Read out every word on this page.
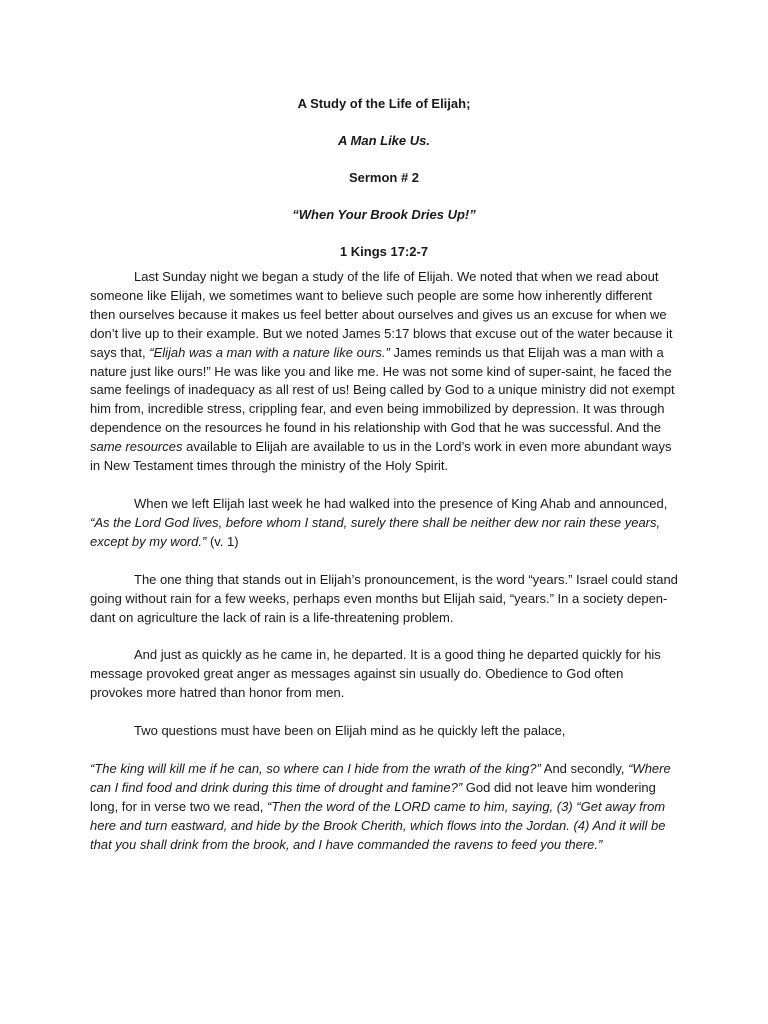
A Study of the Life of Elijah;
A Man Like Us.
Sermon # 2
“When Your Brook Dries Up!”
1 Kings 17:2-7

Last Sunday night we began a study of the life of Elijah. We noted that when we read about someone like Elijah, we sometimes want to believe such people are some how inherently different then ourselves because it makes us feel better about ourselves and gives us an excuse for when we don’t live up to their example. But we noted James 5:17 blows that excuse out of the water because it says that, “Elijah was a man with a nature like ours.” James reminds us that Elijah was a man with a nature just like ours!” He was like you and like me. He was not some kind of super-saint, he faced the same feelings of inadequacy as all rest of us! Being called by God to a unique ministry did not exempt him from, incredible stress, crippling fear, and even being immobilized by depression. It was through dependence on the resources he found in his relationship with God that he was successful. And the same resources available to Elijah are available to us in the Lord’s work in even more abundant ways in New Testament times through the ministry of the Holy Spirit.

When we left Elijah last week he had walked into the presence of King Ahab and announced, “As the Lord God lives, before whom I stand, surely there shall be neither dew nor rain these years, except by my word.” (v. 1)

The one thing that stands out in Elijah’s pronouncement, is the word “years.” Israel could stand going without rain for a few weeks, perhaps even months but Elijah said, “years.” In a society depen-dant on agriculture the lack of rain is a life-threatening problem.

And just as quickly as he came in, he departed. It is a good thing he departed quickly for his message provoked great anger as messages against sin usually do. Obedience to God often provokes more hatred than honor from men.

Two questions must have been on Elijah mind as he quickly left the palace,

“The king will kill me if he can, so where can I hide from the wrath of the king?” And secondly, “Where can I find food and drink during this time of drought and famine?” God did not leave him wondering long, for in verse two we read, “Then the word of the LORD came to him, saying, (3) “Get away from here and turn eastward, and hide by the Brook Cherith, which flows into the Jordan. (4) And it will be that you shall drink from the brook, and I have commanded the ravens to feed you there.”
